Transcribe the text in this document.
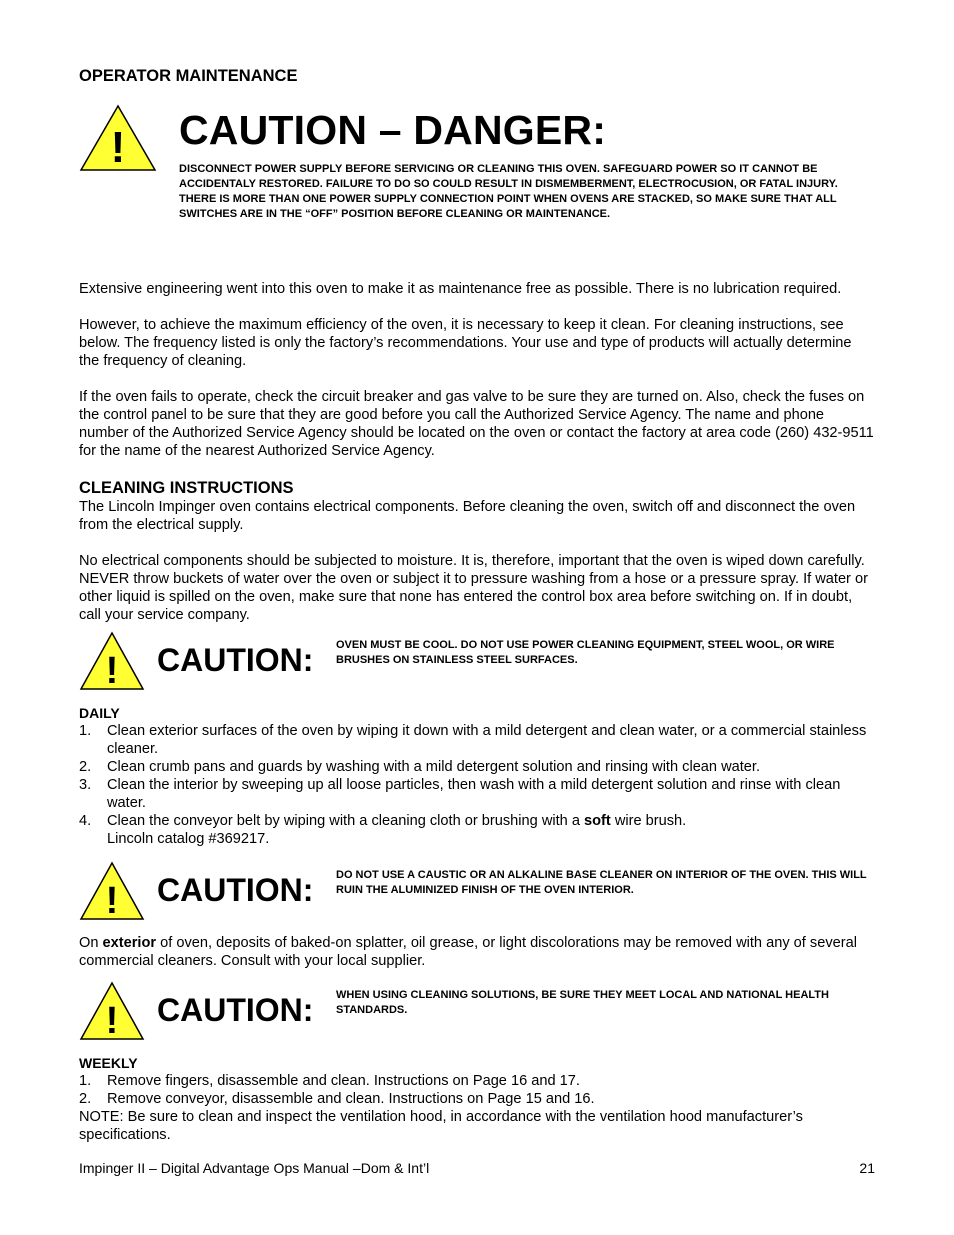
OPERATOR MAINTENANCE
! CAUTION – DANGER:

DISCONNECT POWER SUPPLY BEFORE SERVICING OR CLEANING THIS OVEN. SAFEGUARD POWER SO IT CANNOT BE ACCIDENTALY RESTORED. FAILURE TO DO SO COULD RESULT IN DISMEMBERMENT, ELECTROCUSION, OR FATAL INJURY. THERE IS MORE THAN ONE POWER SUPPLY CONNECTION POINT WHEN OVENS ARE STACKED, SO MAKE SURE THAT ALL SWITCHES ARE IN THE “OFF” POSITION BEFORE CLEANING OR MAINTENANCE.

Extensive engineering went into this oven to make it as maintenance free as possible. There is no lubrication required.

However, to achieve the maximum efficiency of the oven, it is necessary to keep it clean. For cleaning instructions, see below. The frequency listed is only the factory’s recommendations. Your use and type of products will actually determine the frequency of cleaning.

If the oven fails to operate, check the circuit breaker and gas valve to be sure they are turned on. Also, check the fuses on the control panel to be sure that they are good before you call the Authorized Service Agency. The name and phone number of the Authorized Service Agency should be located on the oven or contact the factory at area code (260) 432-9511 for the name of the nearest Authorized Service Agency.

CLEANING INSTRUCTIONS

The Lincoln Impinger oven contains electrical components. Before cleaning the oven, switch off and disconnect the oven from the electrical supply.

No electrical components should be subjected to moisture. It is, therefore, important that the oven is wiped down carefully. NEVER throw buckets of water over the oven or subject it to pressure washing from a hose or a pressure spray. If water or other liquid is spilled on the oven, make sure that none has entered the control box area before switching on. If in doubt, call your service company.

! CAUTION: OVEN MUST BE COOL. DO NOT USE POWER CLEANING EQUIPMENT, STEEL WOOL, OR WIRE BRUSHES ON STAINLESS STEEL SURFACES.

DAILY
1. Clean exterior surfaces of the oven by wiping it down with a mild detergent and clean water, or a commercial stainless cleaner.
2. Clean crumb pans and guards by washing with a mild detergent solution and rinsing with clean water.
3. Clean the interior by sweeping up all loose particles, then wash with a mild detergent solution and rinse with clean water.
4. Clean the conveyor belt by wiping with a cleaning cloth or brushing with a soft wire brush.
Lincoln catalog #369217.
! CAUTION: DO NOT USE A CAUSTIC OR AN ALKALINE BASE CLEANER ON INTERIOR OF THE OVEN. THIS WILL RUIN THE ALUMINIZED FINISH OF THE OVEN INTERIOR.

On exterior of oven, deposits of baked-on splatter, oil grease, or light discolorations may be removed with any of several commercial cleaners. Consult with your local supplier.

! CAUTION: WHEN USING CLEANING SOLUTIONS, BE SURE THEY MEET LOCAL AND NATIONAL HEALTH STANDARDS.

WEEKLY
1. Remove fingers, disassemble and clean. Instructions on Page 16 and 17.
2. Remove conveyor, disassemble and clean. Instructions on Page 15 and 16.

NOTE: Be sure to clean and inspect the ventilation hood, in accordance with the ventilation hood manufacturer’s specifications.

Impinger II – Digital Advantage Ops Manual –Dom & Int’l	21
